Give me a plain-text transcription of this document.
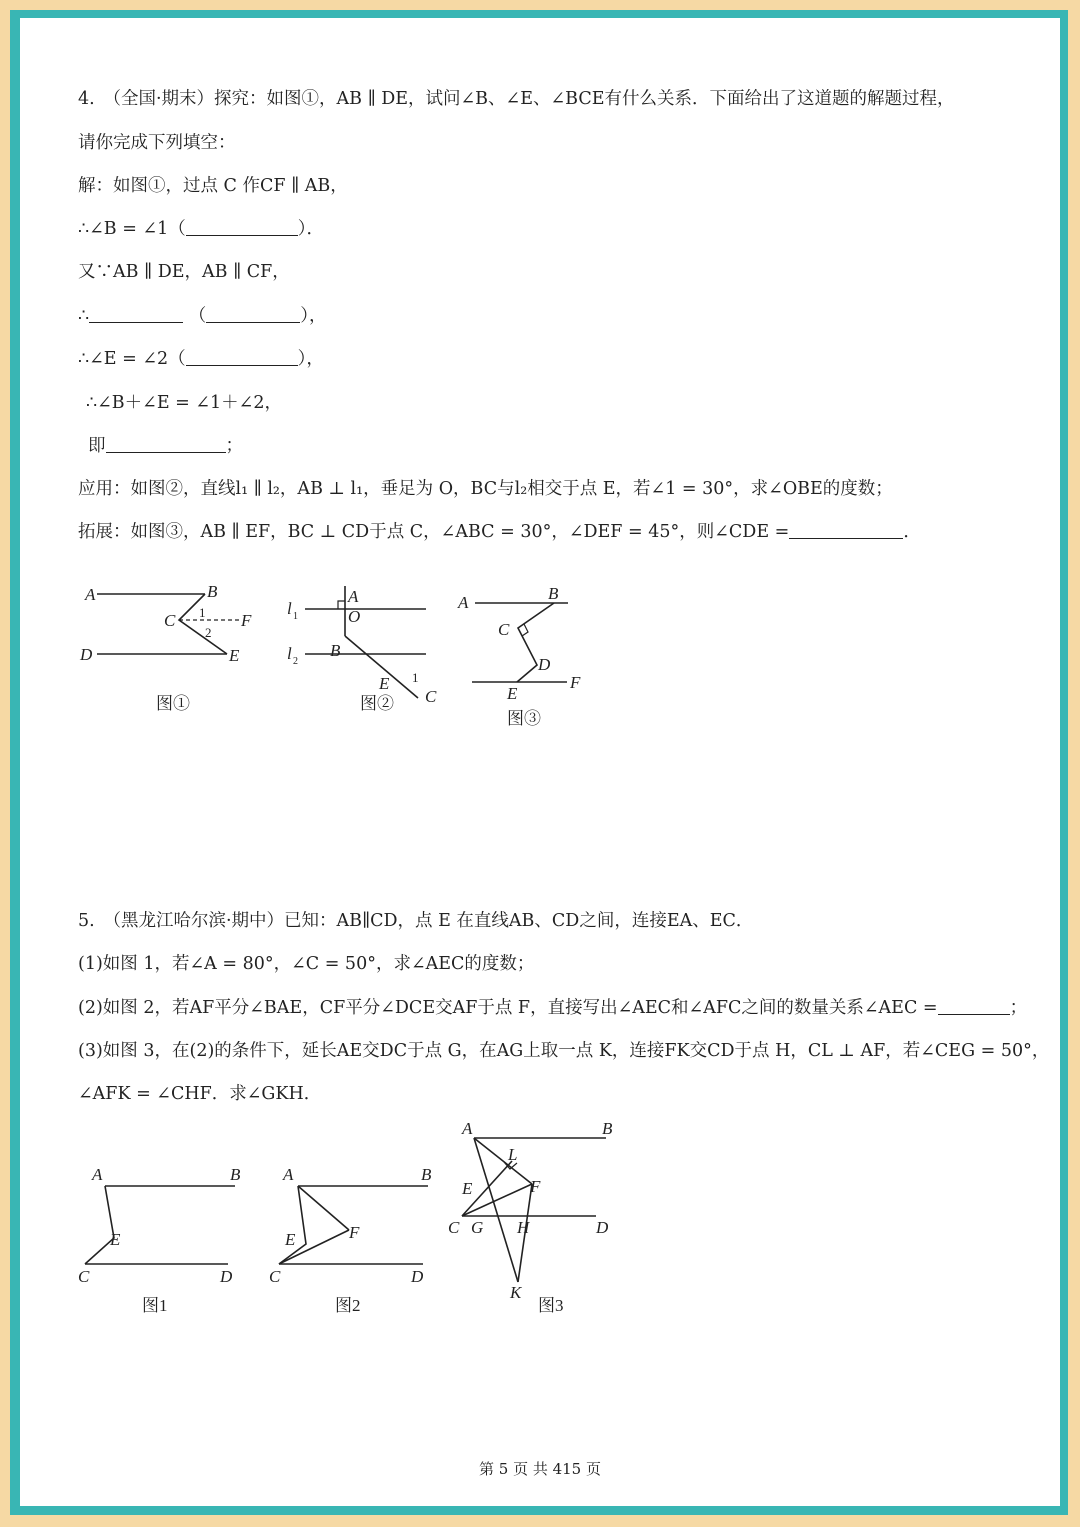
4.　（全国·期末）探究：如图①，AB ∥ DE，试问∠B、∠E、∠BCE有什么关系．下面给出了这道题的解题过程，
请你完成下列填空：
解：如图①，过点 C 作CF ∥ AB，
∴∠B = ∠1（	）．
又∵AB ∥ DE，AB ∥ CF，
∴	（	），
∴∠E = ∠2（	），
∴∠B＋∠E = ∠1＋∠2，
即	；
应用：如图②，直线l₁ ∥ l₂，AB ⊥ l₁，垂足为 O，BC与l₂相交于点 E，若∠1 = 30°，求∠OBE的度数；
拓展：如图③，AB ∥ EF，BC ⊥ CD于点 C，∠ABC = 30°，∠DEF = 45°，则∠CDE =	．
A	B
C	F
D	E
1
2
图①
A
O
l 1
B
l 2
E 1
C
图②
A	B
C
D
E
F
图③
5.　（黑龙江哈尔滨·期中）已知：AB∥CD，点 E 在直线AB、CD之间，连接EA、EC．
(1)如图 1，若∠A = 80°，∠C = 50°，求∠AEC的度数；
(2)如图 2，若AF平分∠BAE，CF平分∠DCE交AF于点 F，直接写出∠AEC和∠AFC之间的数量关系∠AEC =	；
(3)如图 3，在(2)的条件下，延长AE交DC于点 G，在AG上取一点 K，连接FK交CD于点 H，CL ⊥ AF，若∠CEG = 50°，
∠AFK = ∠CHF．求∠GKH．
A	B
E
C	D
图1
A	B
E	F
C	D
图2
A	B
L
E	F
C G H	D
K
图3
第 5 页 共 415 页
